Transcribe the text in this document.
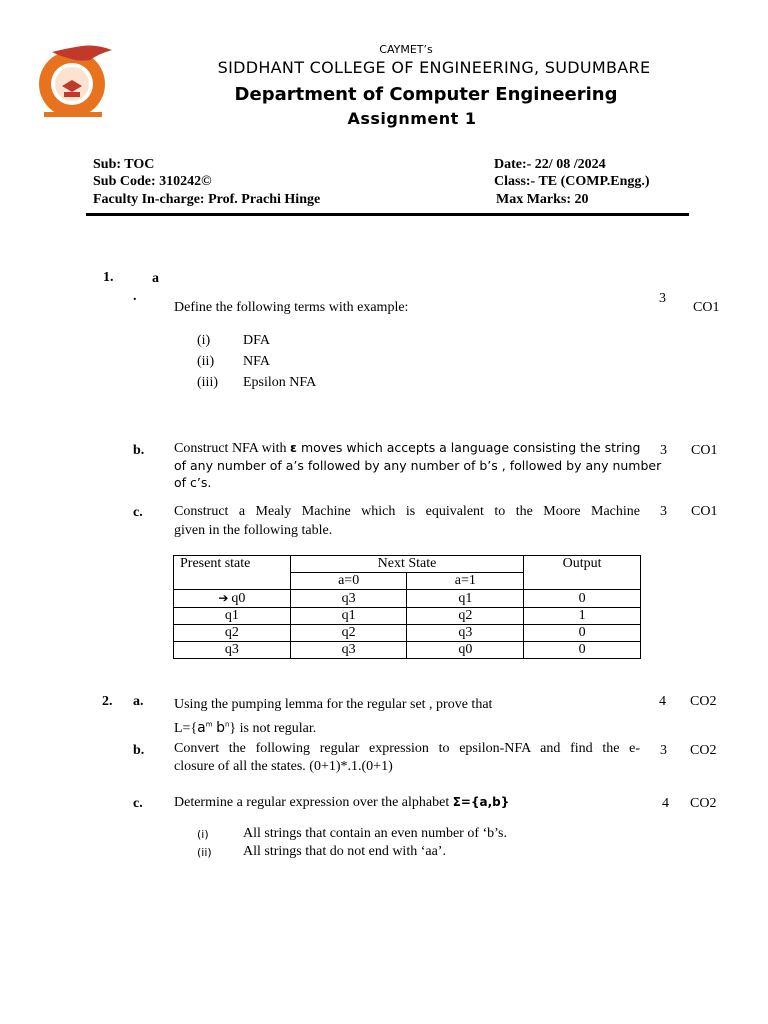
CAYMET’s
SIDDHANT COLLEGE OF ENGINEERING, SUDUMBARE
Department of Computer Engineering
Assignment 1
Sub: TOC
Sub Code: 310242©
Faculty In-charge: Prof. Prachi Hinge
Date:- 22/ 08 /2024
Class:- TE (COMP.Engg.)
Max Marks: 20
1.	a
.
Define the following terms with example:
3
CO1
(i) DFA
(ii) NFA
(iii) Epsilon NFA
b. Construct NFA with ε moves which accepts a language consisting the string
of any number of a’s followed by any number of b’s , followed by any number
of c’s.
3 CO1
c. Construct a Mealy Machine which is equivalent to the Moore Machine
given in the following table.
3 CO1
Present state	Next State		Output
	a=0	a=1	
➔ q0	q3	q1	0
q1	q1	q2	1
q2	q2	q3	0
q3	q3	q0	0
2. a. Using the pumping lemma for the regular set , prove that
$L=\{a^m$ $b^n$} is not regular.
4 CO2
b. Convert the following regular expression to epsilon-NFA and find the e-
closure of all the states. (0+1)*.1.(0+1)
3 CO2
c. Determine a regular expression over the alphabet Σ={a,b}	4 CO2
(i) All strings that contain an even number of ‘b’s.
(ii) All strings that do not end with ‘aa’.
